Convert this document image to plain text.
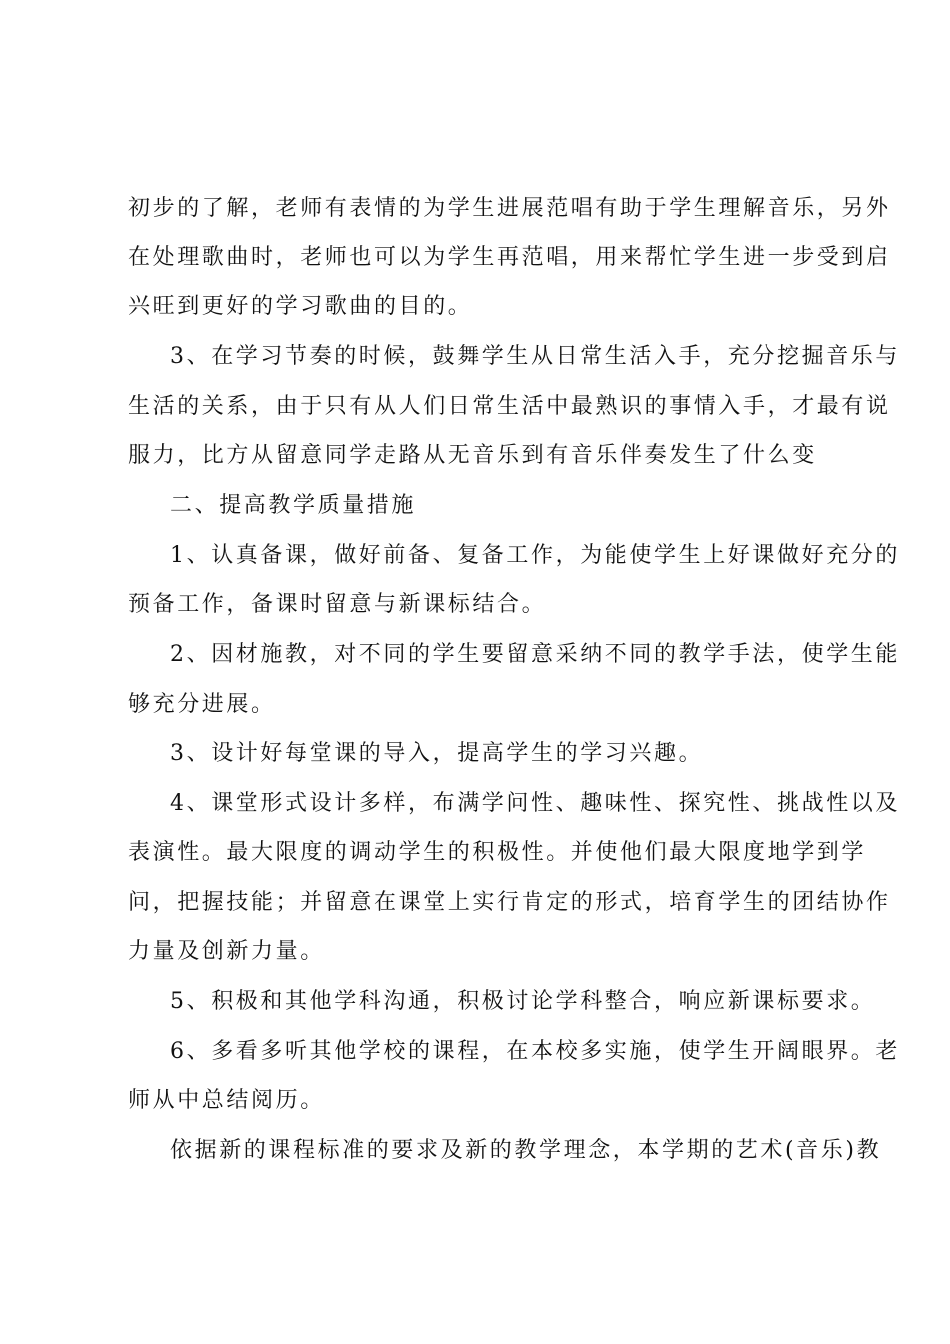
初步的了解，老师有表情的为学生进展范唱有助于学生理解音乐，另外

在处理歌曲时，老师也可以为学生再范唱，用来帮忙学生进一步受到启

兴旺到更好的学习歌曲的目的。

3、在学习节奏的时候，鼓舞学生从日常生活入手，充分挖掘音乐与

生活的关系，由于只有从人们日常生活中最熟识的事情入手，才最有说

服力，比方从留意同学走路从无音乐到有音乐伴奏发生了什么变

二、提高教学质量措施

1、认真备课，做好前备、复备工作，为能使学生上好课做好充分的

预备工作，备课时留意与新课标结合。

2、因材施教，对不同的学生要留意采纳不同的教学手法，使学生能

够充分进展。

3、设计好每堂课的导入，提高学生的学习兴趣。

4、课堂形式设计多样，布满学问性、趣味性、探究性、挑战性以及

表演性。最大限度的调动学生的积极性。并使他们最大限度地学到学

问，把握技能；并留意在课堂上实行肯定的形式，培育学生的团结协作

力量及创新力量。

5、积极和其他学科沟通，积极讨论学科整合，响应新课标要求。

6、多看多听其他学校的课程，在本校多实施，使学生开阔眼界。老

师从中总结阅历。

依据新的课程标准的要求及新的教学理念，本学期的艺术(音乐)教
